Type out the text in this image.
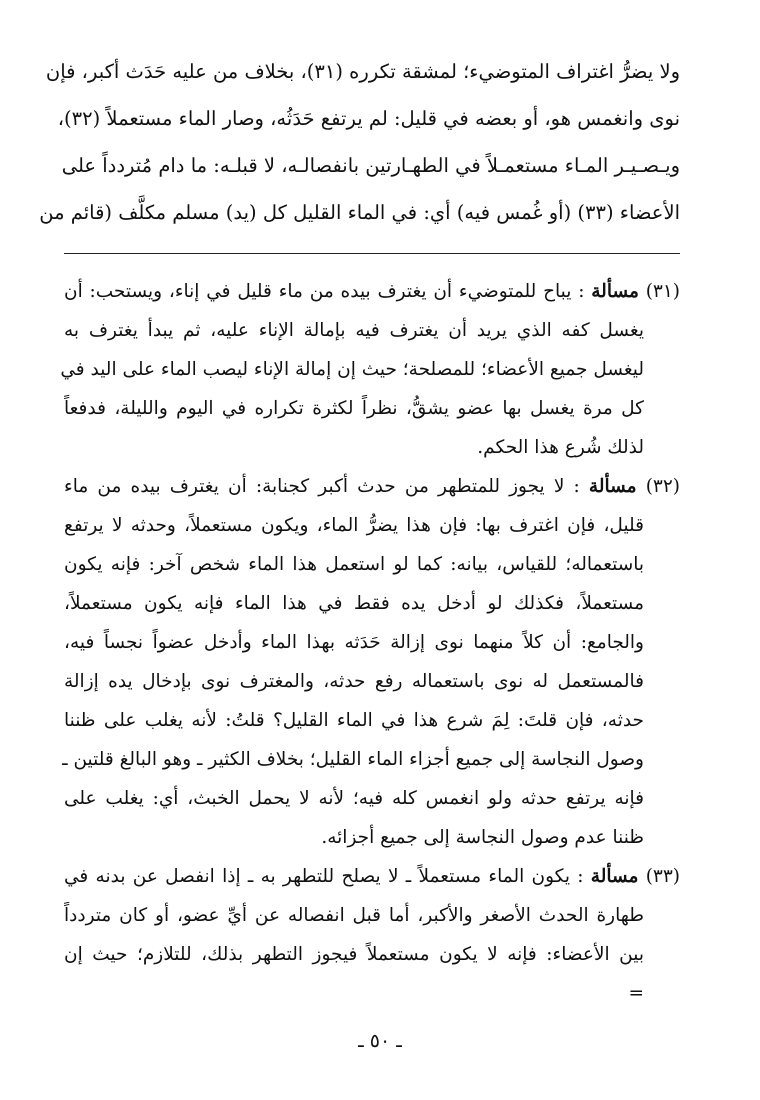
ولا يضرُّ اغتراف المتوضيء؛ لمشقة تكرره (٣١)، بخلاف من عليه حَدَث أكبر، فإن
نوى وانغمس هو، أو بعضه في قليل: لم يرتفع حَدَثُه، وصار الماء مستعملاً (٣٢)،
ويـصـيـر المـاء مستعمـلاً في الطهـارتين بانفصالـه، لا قبلـه: ما دام مُتردداً على
الأعضاء (٣٣) (أو غُمس فيه) أي: في الماء القليل كل (يد) مسلم مكلَّف (قائم من
(٣١) مسألة : يباح للمتوضيء أن يغترف بيده من ماء قليل في إناء، ويستحب: أن
يغسل كفه الذي يريد أن يغترف فيه بإمالة الإناء عليه، ثم يبدأ يغترف به
ليغسل جميع الأعضاء؛ للمصلحة؛ حيث إن إمالة الإناء ليصب الماء على اليد في
كل مرة يغسل بها عضو يشقُّ، نظراً لكثرة تكراره في اليوم والليلة، فدفعاً
لذلك شُرع هذا الحكم.
(٣٢) مسألة : لا يجوز للمتطهر من حدث أكبر كجنابة: أن يغترف بيده من ماء
قليل، فإن اغترف بها: فإن هذا يضرُّ الماء، ويكون مستعملاً، وحدثه لا يرتفع
باستعماله؛ للقياس، بيانه: كما لو استعمل هذا الماء شخص آخر: فإنه يكون
مستعملاً، فكذلك لو أدخل يده فقط في هذا الماء فإنه يكون مستعملاً،
والجامع: أن كلاً منهما نوى إزالة حَدَثه بهذا الماء وأدخل عضواً نجساً فيه،
فالمستعمل له نوى باستعماله رفع حدثه، والمغترف نوى بإدخال يده إزالة
حدثه، فإن قلتَ: لِمَ شرع هذا في الماء القليل؟ قلتُ: لأنه يغلب على ظننا
وصول النجاسة إلى جميع أجزاء الماء القليل؛ بخلاف الكثير ـ وهو البالغ قلتين ـ
فإنه يرتفع حدثه ولو انغمس كله فيه؛ لأنه لا يحمل الخبث، أي: يغلب على
ظننا عدم وصول النجاسة إلى جميع أجزائه.
(٣٣) مسألة : يكون الماء مستعملاً ـ لا يصلح للتطهر به ـ إذا انفصل عن بدنه في
طهارة الحدث الأصغر والأكبر، أما قبل انفصاله عن أيِّ عضو، أو كان متردداً
بين الأعضاء: فإنه لا يكون مستعملاً فيجوز التطهر بذلك، للتلازم؛ حيث إن
=
ـ ٥٠ ـ
